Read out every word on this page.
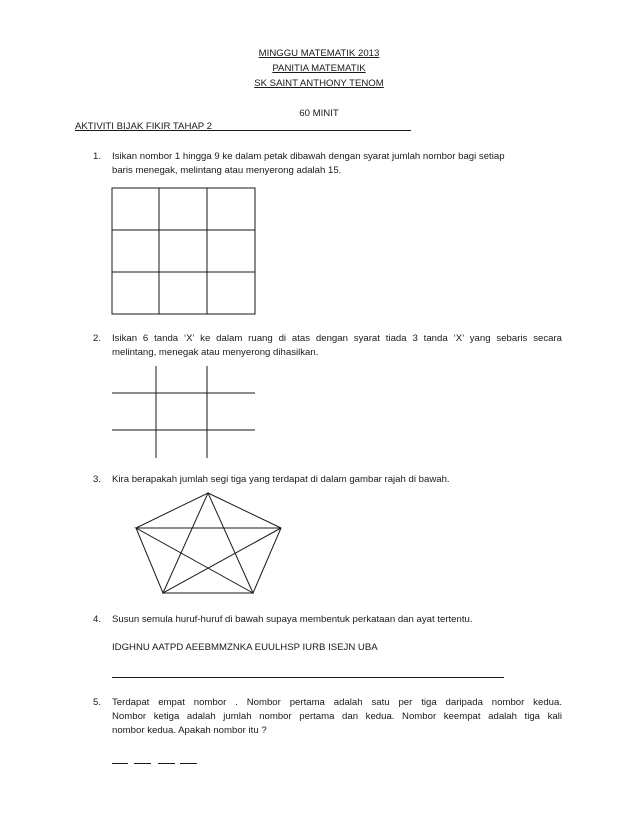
MINGGU MATEMATIK 2013
PANITIA MATEMATIK
SK SAINT ANTHONY TENOM
60 MINIT
AKTIVITI BIJAK FIKIR TAHAP 2
1. Isikan nombor 1 hingga 9 ke dalam petak dibawah dengan syarat jumlah nombor bagi setiap
baris menegak, melintang atau menyerong adalah 15.
2. Isikan 6 tanda ‘X’ ke dalam ruang di atas dengan syarat tiada 3 tanda ‘X’ yang sebaris secara
melintang, menegak atau menyerong dihasilkan.
3. Kira berapakah jumlah segi tiga yang terdapat di dalam gambar rajah di bawah.
4. Susun semula huruf-huruf di bawah supaya membentuk perkataan dan ayat tertentu.
IDGHNU AATPD AEEBMMZNKA EUULHSP IURB ISEJN UBA
5. Terdapat empat nombor . Nombor pertama adalah satu per tiga daripada nombor kedua.
Nombor ketiga adalah jumlah nombor pertama dan kedua. Nombor keempat adalah tiga kali
nombor kedua. Apakah nombor itu ?
